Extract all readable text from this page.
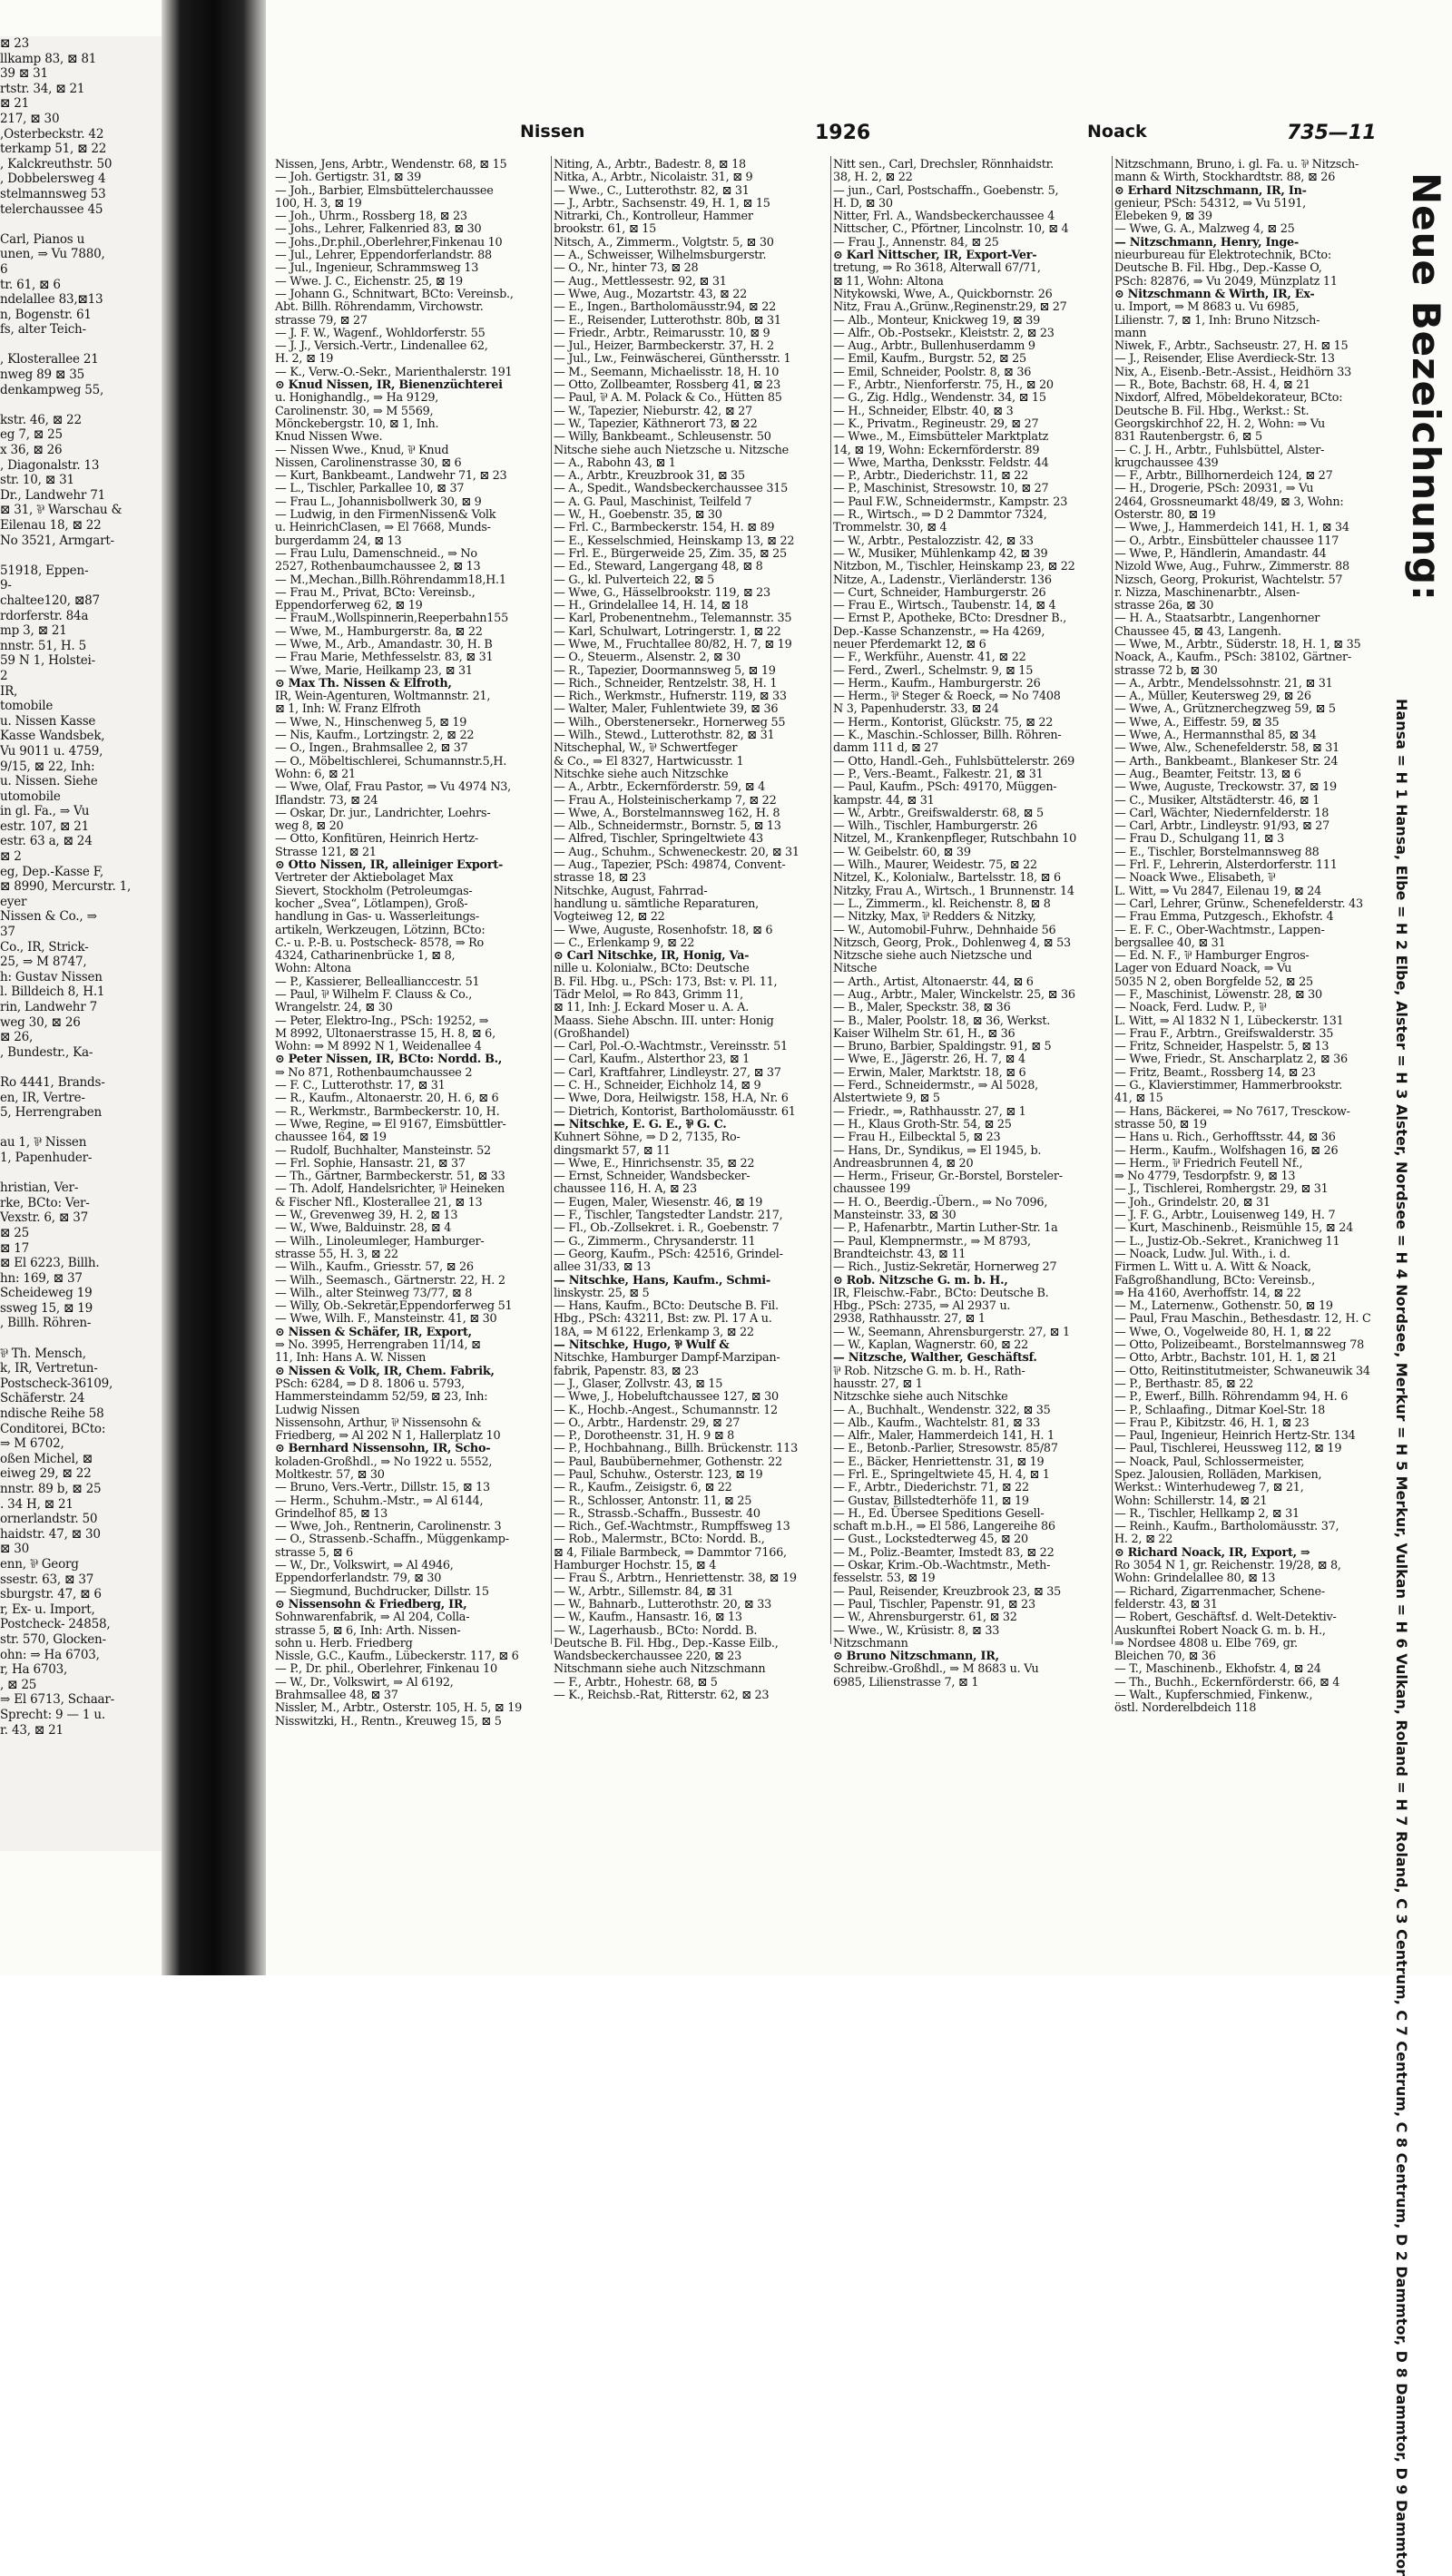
⊠ 23
llkamp 83, ⊠ 81
39 ⊠ 31
rtstr. 34, ⊠ 21
⊠ 21
217, ⊠ 30
,Osterbeckstr. 42
terkamp 51, ⊠ 22
, Kalckreuthstr. 50
, Dobbelersweg 4
stelmannsweg 53
telerchaussee 45

Carl, Pianos u
unen, ⇒ Vu 7880,
6
tr. 61, ⊠ 6
ndelallee 83,⊠13
n, Bogenstr. 61
fs, alter Teich-

, Klosterallee 21
nweg 89 ⊠ 35
denkampweg 55,

kstr. 46, ⊠ 22
eg 7, ⊠ 25
ⅹ 36, ⊠ 26
, Diagonalstr. 13
str. 10, ⊠ 31
Dr., Landwehr 71
⊠ 31, ⅌ Warschau &
Eilenau 18, ⊠ 22
No 3521, Armgart-

51918, Eppen-
9-
chaltee120, ⊠87
rdorferstr. 84a
mp 3, ⊠ 21
nnstr. 51, H. 5
59 N 1, Holstei-
2
IR,
tomobile
u. Nissen Kasse
Kasse Wandsbek,
Vu 9011 u. 4759,
9/15, ⊠ 22, Inh:
u. Nissen. Siehe
utomobile
in gl. Fa., ⇒ Vu
estr. 107, ⊠ 21
estr. 63 a, ⊠ 24
⊠ 2
eg, Dep.-Kasse F,
⊠ 8990, Mercurstr. 1,
eyer
Nissen & Co., ⇒
37
Co., IR, Strick-
25, ⇒ M 8747,
h: Gustav Nissen
l. Billdeich 8, H.1
rin, Landwehr 7
weg 30, ⊠ 26
⊠ 26,
, Bundestr., Ka-

Ro 4441, Brands-
en, IR, Vertre-
5, Herrengraben

au 1, ⅌ Nissen
1, Papenhuder-

hristian, Ver-
rke, BCto: Ver-
Vexstr. 6, ⊠ 37
⊠ 25
⊠ 17
⊠ El 6223, Billh.
hn: 169, ⊠ 37
Scheideweg 19
ssweg 15, ⊠ 19
, Billh. Röhren-

⅌ Th. Mensch,
k, IR, Vertretun-
Postscheck-36109,
Schäferstr. 24
ndische Reihe 58
Conditorei, BCto:
⇒ M 6702,
oßen Michel, ⊠
eiweg 29, ⊠ 22
nnstr. 89 b, ⊠ 25
. 34 H, ⊠ 21
ornerlandstr. 50
haidstr. 47, ⊠ 30
⊠ 30
enn, ⅌ Georg
ssestr. 63, ⊠ 37
sburgstr. 47, ⊠ 6
r, Ex- u. Import,
Postcheck- 24858,
str. 570, Glocken-
ohn: ⇒ Ha 6703,
r, Ha 6703,
, ⊠ 25
⇒ El 6713, Schaar-
Sprecht: 9 — 1 u.
r. 43, ⊠ 21
Nissen	1926	Noack	735—11
Nissen, Jens, Arbtr., Wendenstr. 68, ⊠ 15
— Joh. Gertigstr. 31, ⊠ 39
— Joh., Barbier, Elmsbüttelerchaussee
100, H. 3, ⊠ 19
— Joh., Uhrm., Rossberg 18, ⊠ 23
— Johs., Lehrer, Falkenried 83, ⊠ 30
— Johs.,Dr.phil.,Oberlehrer,Finkenau 10
— Jul., Lehrer, Eppendorferlandstr. 88
— Jul., Ingenieur, Schrammsweg 13
— Wwe. J. C., Eichenstr. 25, ⊠ 19
— Johann G., Schnitwart, BCto: Vereinsb.,
Abt. Billh. Röhrendamm, Virchowstr.
strasse 79, ⊠ 27
— J. F. W., Wagenf., Wohldorferstr. 55
— J. J., Versich.-Vertr., Lindenallee 62,
H. 2, ⊠ 19
— K., Verw.-O.-Sekr., Marienthalerstr. 191
⊙ Knud Nissen, IR, Bienenzüchterei
u. Honighandlg., ⇒ Ha 9129,
Carolinenstr. 30, ⇒ M 5569,
Mönckebergstr. 10, ⊠ 1, Inh.
Knud Nissen Wwe.
— Nissen Wwe., Knud, ⅌ Knud
Nissen, Carolinenstrasse 30, ⊠ 6
— Kurt, Bankbeamt., Landwehr 71, ⊠ 23
— L., Tischler, Parkallee 10, ⊠ 37
— Frau L., Johannisbollwerk 30, ⊠ 9
— Ludwig, in den FirmenNissen& Volk
u. HeinrichClasen, ⇒ El 7668, Munds-
burgerdamm 24, ⊠ 13
— Frau Lulu, Damenschneid., ⇒ No
2527, Rothenbaumchaussee 2, ⊠ 13
— M.,Mechan.,Billh.Röhrendamm18,H.1
— Frau M., Privat, BCto: Vereinsb.,
Eppendorferweg 62, ⊠ 19
— FrauM.,Wollspinnerin,Reeperbahn155
— Wwe, M., Hamburgerstr. 8a, ⊠ 22
— Wwe, M., Arb., Amandastr. 30, H. B
— Frau Marie, Methfesselstr. 83, ⊠ 31
— Wwe, Marie, Heilkamp 23, ⊠ 31
⊙ Max Th. Nissen & Elfroth,
IR, Wein-Agenturen, Woltmannstr. 21,
⊠ 1, Inh: W. Franz Elfroth
— Wwe, N., Hinschenweg 5, ⊠ 19
— Nis, Kaufm., Lortzingstr. 2, ⊠ 22
— O., Ingen., Brahmsallee 2, ⊠ 37
— O., Möbeltischlerei, Schumannstr.5,H.
Wohn: 6, ⊠ 21
— Wwe, Olaf, Frau Pastor, ⇒ Vu 4974 N3,
Iflandstr. 73, ⊠ 24
— Oskar, Dr. jur., Landrichter, Loehrs-
weg 8, ⊠ 20
— Otto, Konfitüren, Heinrich Hertz-
Strasse 121, ⊠ 21
⊙ Otto Nissen, IR, alleiniger Export-
Vertreter der Aktiebolaget Max
Sievert, Stockholm (Petroleumgas-
kocher „Svea“, Lötlampen), Groß-
handlung in Gas- u. Wasserleitungs-
artikeln, Werkzeugen, Lötzinn, BCto:
C.- u. P.-B. u. Postscheck- 8578, ⇒ Ro
4324, Catharinenbrücke 1, ⊠ 8,
Wohn: Altona
— P., Kassierer, Belleallianccestr. 51
— Paul, ⅌ Wilhelm F. Clauss & Co.,
Wrangelstr. 24, ⊠ 30
— Peter, Elektro-Ing., PSch: 19252, ⇒
M 8992, Ultonaerstrasse 15, H. 8, ⊠ 6,
Wohn: ⇒ M 8992 N 1, Weidenallee 4
⊙ Peter Nissen, IR, BCto: Nordd. B.,
⇒ No 871, Rothenbaumchaussee 2
— F. C., Lutterothstr. 17, ⊠ 31
— R., Kaufm., Altonaerstr. 20, H. 6, ⊠ 6
— R., Werkmstr., Barmbeckerstr. 10, H.
— Wwe, Regine, ⇒ El 9167, Eimsbüttler-
chaussee 164, ⊠ 19
— Rudolf, Buchhalter, Mansteinstr. 52
— Frl. Sophie, Hansastr. 21, ⊠ 37
— Th., Gärtner, Barmbeckerstr. 51, ⊠ 33
— Th. Adolf, Handelsrichter, ⅌ Heineken
& Fischer Nfl., Klosterallee 21, ⊠ 13
— W., Grevenweg 39, H. 2, ⊠ 13
— W., Wwe, Balduinstr. 28, ⊠ 4
— Wilh., Linoleumleger, Hamburger-
strasse 55, H. 3, ⊠ 22
— Wilh., Kaufm., Griesstr. 57, ⊠ 26
— Wilh., Seemasch., Gärtnerstr. 22, H. 2
— Wilh., alter Steinweg 73/77, ⊠ 8
— Willy, Ob.-Sekretär,Eppendorferweg 51
— Wwe, Wilh. F., Mansteinstr. 41, ⊠ 30
⊙ Nissen & Schäfer, IR, Export,
⇒ No. 3995, Herrengraben 11/14, ⊠
11, Inh: Hans A. W. Nissen
⊙ Nissen & Volk, IR, Chem. Fabrik,
PSch: 6284, ⇒ D 8. 1806 u. 5793,
Hammersteindamm 52/59, ⊠ 23, Inh:
Ludwig Nissen
Nissensohn, Arthur, ⅌ Nissensohn &
Friedberg, ⇒ Al 202 N 1, Hallerplatz 10
⊙ Bernhard Nissensohn, IR, Scho-
koladen-Großhdl., ⇒ No 1922 u. 5552,
Moltkestr. 57, ⊠ 30
— Bruno, Vers.-Vertr., Dillstr. 15, ⊠ 13
— Herm., Schuhm.-Mstr., ⇒ Al 6144,
Grindelhof 85, ⊠ 13
— Wwe, Joh., Rentnerin, Carolinenstr. 3
— O., Strassenb.-Schaffn., Müggenkamp-
strasse 5, ⊠ 6
— W., Dr., Volkswirt, ⇒ Al 4946,
Eppendorferlandstr. 79, ⊠ 30
— Siegmund, Buchdrucker, Dillstr. 15
⊙ Nissensohn & Friedberg, IR,
Sohnwarenfabrik, ⇒ Al 204, Colla-
strasse 5, ⊠ 6, Inh: Arth. Nissen-
sohn u. Herb. Friedberg
Nissle, G.C., Kaufm., Lübeckerstr. 117, ⊠ 6
— P., Dr. phil., Oberlehrer, Finkenau 10
— W., Dr., Volkswirt, ⇒ Al 6192,
Brahmsallee 48, ⊠ 37
Nissler, M., Arbtr., Osterstr. 105, H. 5, ⊠ 19
Nisswitzki, H., Rentn., Kreuweg 15, ⊠ 5
Niting, A., Arbtr., Badestr. 8, ⊠ 18
Nitka, A., Arbtr., Nicolaistr. 31, ⊠ 9
— Wwe., C., Lutterothstr. 82, ⊠ 31
— J., Arbtr., Sachsenstr. 49, H. 1, ⊠ 15
Nitrarki, Ch., Kontrolleur, Hammer
brookstr. 61, ⊠ 15
Nitsch, A., Zimmerm., Volgtstr. 5, ⊠ 30
— A., Schweisser, Wilhelmsburgerstr.
— O., Nr., hinter 73, ⊠ 28
— Aug., Mettlessestr. 92, ⊠ 31
— Wwe, Aug., Mozartstr. 43, ⊠ 22
— E., Ingen., Bartholomäusstr.94, ⊠ 22
— E., Reisender, Lutterothstr. 80b, ⊠ 31
— Friedr., Arbtr., Reimarusstr. 10, ⊠ 9
— Jul., Heizer, Barmbeckerstr. 37, H. 2
— Jul., Lw., Feinwäscherei, Günthersstr. 1
— M., Seemann, Michaelisstr. 18, H. 10
— Otto, Zollbeamter, Rossberg 41, ⊠ 23
— Paul, ⅌ A. M. Polack & Co., Hütten 85
— W., Tapezier, Nieburstr. 42, ⊠ 27
— W., Tapezier, Käthnerort 73, ⊠ 22
— Willy, Bankbeamt., Schleusenstr. 50
Nitsche siehe auch Nietzsche u. Nitzsche
— A., Rabohn 43, ⊠ 1
— A., Arbtr., Kreuzbrook 31, ⊠ 35
— A., Spedit., Wandsbeckerchaussee 315
— A. G. Paul, Maschinist, Teilfeld 7
— W., H., Goebenstr. 35, ⊠ 30
— Frl. C., Barmbeckerstr. 154, H. ⊠ 89
— E., Kesselschmied, Heinskamp 13, ⊠ 22
— Frl. E., Bürgerweide 25, Zim. 35, ⊠ 25
— Ed., Steward, Langergang 48, ⊠ 8
— G., kl. Pulverteich 22, ⊠ 5
— Wwe, G., Hässelbrookstr. 119, ⊠ 23
— H., Grindelallee 14, H. 14, ⊠ 18
— Karl, Probenentnehm., Telemannstr. 35
— Karl, Schulwart, Lotringerstr. 1, ⊠ 22
— Wwe, M., Fruchtallee 80/82, H. 7, ⊠ 19
— O., Steuerm., Alsenstr. 2, ⊠ 30
— R., Tapezier, Doormannsweg 5, ⊠ 19
— Rich., Schneider, Rentzelstr. 38, H. 1
— Rich., Werkmstr., Hufnerstr. 119, ⊠ 33
— Walter, Maler, Fuhlentwiete 39, ⊠ 36
— Wilh., Oberstenersekr., Hornerweg 55
— Wilh., Stewd., Lutterothstr. 82, ⊠ 31
Nitschephal, W., ⅌ Schwertfeger
& Co., ⇒ El 8327, Hartwicusstr. 1
Nitschke siehe auch Nitzschke
— A., Arbtr., Eckernförderstr. 59, ⊠ 4
— Frau A., Holsteinischerkamp 7, ⊠ 22
— Wwe, A., Borstelmannsweg 162, H. 8
— Alb., Schneidermstr., Bornstr. 5, ⊠ 13
— Alfred, Tischler, Springeltwiete 43
— Aug., Schuhm., Schweneckestr. 20, ⊠ 31
— Aug., Tapezier, PSch: 49874, Convent-
strasse 18, ⊠ 23
Nitschke, August, Fahrrad-
handlung u. sämtliche Reparaturen,
Vogteiweg 12, ⊠ 22
— Wwe, Auguste, Rosenhofstr. 18, ⊠ 6
— C., Erlenkamp 9, ⊠ 22
⊙ Carl Nitschke, IR, Honig, Va-
nille u. Kolonialw., BCto: Deutsche
B. Fil. Hbg. u., PSch: 173, Bst: v. Pl. 11,
Tädr Melol, ⇒ Ro 843, Grimm 11,
⊠ 11, Inh: J. Eckard Moser u. A. A.
Maass. Siehe Abschn. III. unter: Honig
(Großhandel)
— Carl, Pol.-O.-Wachtmstr., Vereinsstr. 51
— Carl, Kaufm., Alsterthor 23, ⊠ 1
— Carl, Kraftfahrer, Lindleystr. 27, ⊠ 37
— C. H., Schneider, Eichholz 14, ⊠ 9
— Wwe, Dora, Heilwigstr. 158, H.A, Nr. 6
— Dietrich, Kontorist, Bartholomäusstr. 61
— Nitschke, E. G. E., ⅌ G. C.
Kuhnert Söhne, ⇒ D 2, 7135, Ro-
dingsmarkt 57, ⊠ 11
— Wwe, E., Hinrichsenstr. 35, ⊠ 22
— Ernst, Schneider, Wandsbecker-
chaussee 116, H. A, ⊠ 23
— Eugen, Maler, Wiesenstr. 46, ⊠ 19
— F., Tischler, Tangstedter Landstr. 217,
— Fl., Ob.-Zollsekret. i. R., Goebenstr. 7
— G., Zimmerm., Chrysanderstr. 11
— Georg, Kaufm., PSch: 42516, Grindel-
allee 31/33, ⊠ 13
— Nitschke, Hans, Kaufm., Schmi-
linskystr. 25, ⊠ 5
— Hans, Kaufm., BCto: Deutsche B. Fil.
Hbg., PSch: 43211, Bst: zw. Pl. 17 A u.
18A, ⇒ M 6122, Erlenkamp 3, ⊠ 22
— Nitschke, Hugo, ⅌ Wulf &
Nitschke, Hamburger Dampf-Marzipan-
fabrik, Papenstr. 83, ⊠ 23
— J., Glaser, Zollvstr. 43, ⊠ 15
— Wwe, J., Hobeluftchaussee 127, ⊠ 30
— K., Hochb.-Angest., Schumannstr. 12
— O., Arbtr., Hardenstr. 29, ⊠ 27
— P., Dorotheenstr. 31, H. 9 ⊠ 8
— P., Hochbahnang., Billh. Brückenstr. 113
— Paul, Baubübernehmer, Gothenstr. 22
— Paul, Schuhw., Osterstr. 123, ⊠ 19
— R., Kaufm., Zeisigstr. 6, ⊠ 22
— R., Schlosser, Antonstr. 11, ⊠ 25
— R., Strassb.-Schaffn., Bussestr. 40
— Rich., Gef.-Wachtmstr., Rumpffsweg 13
— Rob., Malermstr., BCto: Nordd. B.,
⊠ 4, Filiale Barmbeck, ⇒ Dammtor 7166,
Hamburger Hochstr. 15, ⊠ 4
— Frau S., Arbtrn., Henriettenstr. 38, ⊠ 19
— W., Arbtr., Sillemstr. 84, ⊠ 31
— W., Bahnarb., Lutterothstr. 20, ⊠ 33
— W., Kaufm., Hansastr. 16, ⊠ 13
— W., Lagerhausb., BCto: Nordd. B.
Deutsche B. Fil. Hbg., Dep.-Kasse Eilb.,
Wandsbeckerchaussee 220, ⊠ 23
Nitschmann siehe auch Nitzschmann
— F., Arbtr., Hohestr. 68, ⊠ 5
— K., Reichsb.-Rat, Ritterstr. 62, ⊠ 23
Nitt sen., Carl, Drechsler, Rönnhaidstr.
38, H. 2, ⊠ 22
— jun., Carl, Postschaffn., Goebenstr. 5,
H. D, ⊠ 30
Nitter, Frl. A., Wandsbeckerchaussee 4
Nittscher, C., Pförtner, Lincolnstr. 10, ⊠ 4
— Frau J., Annenstr. 84, ⊠ 25
⊙ Karl Nittscher, IR, Export-Ver-
tretung, ⇒ Ro 3618, Alterwall 67/71,
⊠ 11, Wohn: Altona
Nitykowski, Wwe, A., Quickbornstr. 26
Nitz, Frau A.,Grünw.,Reginenstr.29, ⊠ 27
— Alb., Monteur, Knickweg 19, ⊠ 39
— Alfr., Ob.-Postsekr., Kleiststr. 2, ⊠ 23
— Aug., Arbtr., Bullenhuserdamm 9
— Emil, Kaufm., Burgstr. 52, ⊠ 25
— Emil, Schneider, Poolstr. 8, ⊠ 36
— F., Arbtr., Nienforferstr. 75, H., ⊠ 20
— G., Zig. Hdlg., Wendenstr. 34, ⊠ 15
— H., Schneider, Elbstr. 40, ⊠ 3
— K., Privatm., Regineustr. 29, ⊠ 27
— Wwe., M., Eimsbütteler Marktplatz
14, ⊠ 19, Wohn: Eckernförderstr. 89
— Wwe, Martha, Denksstr. Feldstr. 44
— P., Arbtr., Diederichstr. 11, ⊠ 22
— P., Maschinist, Stresowstr. 10, ⊠ 27
— Paul F.W., Schneidermstr., Kampstr. 23
— R., Wirtsch., ⇒ D 2 Dammtor 7324,
Trommelstr. 30, ⊠ 4
— W., Arbtr., Pestalozzistr. 42, ⊠ 33
— W., Musiker, Mühlenkamp 42, ⊠ 39
Nitzbon, M., Tischler, Heinskamp 23, ⊠ 22
Nitze, A., Ladenstr., Vierländerstr. 136
— Curt, Schneider, Hamburgerstr. 26
— Frau E., Wirtsch., Taubenstr. 14, ⊠ 4
— Ernst P., Apotheke, BCto: Dresdner B.,
Dep.-Kasse Schanzenstr., ⇒ Ha 4269,
neuer Pferdemarkt 12, ⊠ 6
— F., Werkführ., Auenstr. 41, ⊠ 22
— Ferd., Zwerl., Schelmstr. 9, ⊠ 15
— Herm., Kaufm., Hamburgerstr. 26
— Herm., ⅌ Steger & Roeck, ⇒ No 7408
N 3, Papenhuderstr. 33, ⊠ 24
— Herm., Kontorist, Glückstr. 75, ⊠ 22
— K., Maschin.-Schlosser, Billh. Röhren-
damm 111 d, ⊠ 27
— Otto, Handl.-Geh., Fuhlsbüttelerstr. 269
— P., Vers.-Beamt., Falkestr. 21, ⊠ 31
— Paul, Kaufm., PSch: 49170, Müggen-
kampstr. 44, ⊠ 31
— W., Arbtr., Greifswalderstr. 68, ⊠ 5
— Wilh., Tischler, Hamburgerstr. 26
Nitzel, M., Krankenpfleger, Rutschbahn 10
— W. Geibelstr. 60, ⊠ 39
— Wilh., Maurer, Weidestr. 75, ⊠ 22
Nitzel, K., Kolonialw., Bartelsstr. 18, ⊠ 6
Nitzky, Frau A., Wirtsch., 1 Brunnenstr. 14
— L., Zimmerm., kl. Reichenstr. 8, ⊠ 8
— Nitzky, Max, ⅌ Redders & Nitzky,
— W., Automobil-Fuhrw., Dehnhaide 56
Nitzsch, Georg, Prok., Dohlenweg 4, ⊠ 53
Nitzsche siehe auch Nietzsche und
Nitsche
— Arth., Artist, Altonaerstr. 44, ⊠ 6
— Aug., Arbtr., Maler, Winckelstr. 25, ⊠ 36
— B., Maler, Speckstr. 38, ⊠ 36
— B., Maler, Poolstr. 18, ⊠ 36, Werkst.
Kaiser Wilhelm Str. 61, H., ⊠ 36
— Bruno, Barbier, Spaldingstr. 91, ⊠ 5
— Wwe, E., Jägerstr. 26, H. 7, ⊠ 4
— Erwin, Maler, Marktstr. 18, ⊠ 6
— Ferd., Schneidermstr., ⇒ Al 5028,
Alstertwiete 9, ⊠ 5
— Friedr., ⇒, Rathhausstr. 27, ⊠ 1
— H., Klaus Groth-Str. 54, ⊠ 25
— Frau H., Eilbecktal 5, ⊠ 23
— Hans, Dr., Syndikus, ⇒ El 1945, b.
Andreasbrunnen 4, ⊠ 20
— Herm., Friseur, Gr.-Borstel, Borsteler-
chaussee 199
— H. O., Beerdig.-Übern., ⇒ No 7096,
Mansteinstr. 33, ⊠ 30
— P., Hafenarbtr., Martin Luther-Str. 1a
— Paul, Klempnermstr., ⇒ M 8793,
Brandteichstr. 43, ⊠ 11
— Rich., Justiz-Sekretär, Hornerweg 27
⊙ Rob. Nitzsche G. m. b. H.,
IR, Fleischw.-Fabr., BCto: Deutsche B.
Hbg., PSch: 2735, ⇒ Al 2937 u.
2938, Rathhausstr. 27, ⊠ 1
— W., Seemann, Ahrensburgerstr. 27, ⊠ 1
— W., Kaplan, Wagnerstr. 60, ⊠ 22
— Nitzsche, Walther, Geschäftsf.
⅌ Rob. Nitzsche G. m. b. H., Rath-
hausstr. 27, ⊠ 1
Nitzschke siehe auch Nitschke
— A., Buchhalt., Wendenstr. 322, ⊠ 35
— Alb., Kaufm., Wachtelstr. 81, ⊠ 33
— Alfr., Maler, Hammerdeich 141, H. 1
— E., Betonb.-Parlier, Stresowstr. 85/87
— E., Bäcker, Henriettenstr. 31, ⊠ 19
— Frl. E., Springeltwiete 45, H. 4, ⊠ 1
— F., Arbtr., Diederichstr. 71, ⊠ 22
— Gustav, Billstedterhöfe 11, ⊠ 19
— H., Ed. Übersee Speditions Gesell-
schaft m.b.H., ⇒ El 586, Langereihe 86
— Gust., Lockstedterweg 45, ⊠ 20
— M., Poliz.-Beamter, Imstedt 83, ⊠ 22
— Oskar, Krim.-Ob.-Wachtmstr., Meth-
fesselstr. 53, ⊠ 19
— Paul, Reisender, Kreuzbrook 23, ⊠ 35
— Paul, Tischler, Papenstr. 91, ⊠ 23
— W., Ahrensburgerstr. 61, ⊠ 32
— Wwe., W., Krüsistr. 8, ⊠ 33
Nitzschmann
⊙ Bruno Nitzschmann, IR,
Schreibw.-Großhdl., ⇒ M 8683 u. Vu
6985, Lilienstrasse 7, ⊠ 1
Nitzschmann, Bruno, i. gl. Fa. u. ⅌ Nitzsch-
mann & Wirth, Stockhardtstr. 88, ⊠ 26
⊙ Erhard Nitzschmann, IR, In-
genieur, PSch: 54312, ⇒ Vu 5191,
Elebeken 9, ⊠ 39
— Wwe, G. A., Malzweg 4, ⊠ 25
— Nitzschmann, Henry, Inge-
nieurbureau für Elektrotechnik, BCto:
Deutsche B. Fil. Hbg., Dep.-Kasse O,
PSch: 82876, ⇒ Vu 2049, Münzplatz 11
⊙ Nitzschmann & Wirth, IR, Ex-
u. Import, ⇒ M 8683 u. Vu 6985,
Lilienstr. 7, ⊠ 1, Inh: Bruno Nitzsch-
mann
Niwek, F., Arbtr., Sachseustr. 27, H. ⊠ 15
— J., Reisender, Elise Averdieck-Str. 13
Nix, A., Eisenb.-Betr.-Assist., Heidhörn 33
— R., Bote, Bachstr. 68, H. 4, ⊠ 21
Nixdorf, Alfred, Möbeldekorateur, BCto:
Deutsche B. Fil. Hbg., Werkst.: St.
Georgskirchhof 22, H. 2, Wohn: ⇒ Vu
831 Rautenbergstr. 6, ⊠ 5
— C. J. H., Arbtr., Fuhlsbüttel, Alster-
krugchaussee 439
— F., Arbtr., Billhornerdeich 124, ⊠ 27
— H., Drogerie, PSch: 20931, ⇒ Vu
2464, Grossneumarkt 48/49, ⊠ 3, Wohn:
Osterstr. 80, ⊠ 19
— Wwe, J., Hammerdeich 141, H. 1, ⊠ 34
— O., Arbtr., Einsbütteler chaussee 117
— Wwe, P., Händlerin, Amandastr. 44
Nizold Wwe, Aug., Fuhrw., Zimmerstr. 88
Nizsch, Georg, Prokurist, Wachtelstr. 57
r. Nizza, Maschinenarbtr., Alsen-
strasse 26a, ⊠ 30
— H. A., Staatsarbtr., Langenhorner
Chaussee 45, ⊠ 43, Langenh.
— Wwe, M., Arbtr., Süderstr. 18, H. 1, ⊠ 35
Noack, A., Kaufm., PSch: 38102, Gärtner-
strasse 72 b, ⊠ 30
— A., Arbtr., Mendelssohnstr. 21, ⊠ 31
— A., Müller, Keutersweg 29, ⊠ 26
— Wwe, A., Grütznerchegzweg 59, ⊠ 5
— Wwe, A., Eiffestr. 59, ⊠ 35
— Wwe, A., Hermannsthal 85, ⊠ 34
— Wwe, Alw., Schenefelderstr. 58, ⊠ 31
— Arth., Bankbeamt., Blankeser Str. 24
— Aug., Beamter, Feitstr. 13, ⊠ 6
— Wwe, Auguste, Treckowstr. 37, ⊠ 19
— C., Musiker, Altstädterstr. 46, ⊠ 1
— Carl, Wächter, Niedernfelderstr. 18
— Carl, Arbtr., Lindleystr. 91/93, ⊠ 27
— Frau D., Schulgang 11, ⊠ 3
— E., Tischler, Borstelmannsweg 88
— Frl. F., Lehrerin, Alsterdorferstr. 111
— Noack Wwe., Elisabeth, ⅌
L. Witt, ⇒ Vu 2847, Eilenau 19, ⊠ 24
— Carl, Lehrer, Grünw., Schenefelderstr. 43
— Frau Emma, Putzgesch., Ekhofstr. 4
— E. F. C., Ober-Wachtmstr., Lappen-
bergsallee 40, ⊠ 31
— Ed. N. F., ⅌ Hamburger Engros-
Lager von Eduard Noack, ⇒ Vu
5035 N 2, oben Borgfelde 52, ⊠ 25
— F., Maschinist, Löwenstr. 28, ⊠ 30
— Noack, Ferd. Ludw. P., ⅌
L. Witt, ⇒ Al 1832 N 1, Lübeckerstr. 131
— Frau F., Arbtrn., Greifswalderstr. 35
— Fritz, Schneider, Haspelstr. 5, ⊠ 13
— Wwe, Friedr., St. Anscharplatz 2, ⊠ 36
— Fritz, Beamt., Rossberg 14, ⊠ 23
— G., Klavierstimmer, Hammerbrookstr.
41, ⊠ 15
— Hans, Bäckerei, ⇒ No 7617, Tresckow-
strasse 50, ⊠ 19
— Hans u. Rich., Gerhofftsstr. 44, ⊠ 36
— Herm., Kaufm., Wolfshagen 16, ⊠ 26
— Herm., ⅌ Friedrich Feutell Nf.,
⇒ No 4779, Tesdorpfstr. 9, ⊠ 13
— J., Tischlerei, Romhergstr. 29, ⊠ 31
— Joh., Grindelstr. 20, ⊠ 31
— J. F. G., Arbtr., Louisenweg 149, H. 7
— Kurt, Maschinenb., Reismühle 15, ⊠ 24
— L., Justiz-Ob.-Sekret., Kranichweg 11
— Noack, Ludw. Jul. With., i. d.
Firmen L. Witt u. A. Witt & Noack,
Faßgroßhandlung, BCto: Vereinsb.,
⇒ Ha 4160, Averhoffstr. 14, ⊠ 22
— M., Laternenw., Gothenstr. 50, ⊠ 19
— Paul, Frau Maschin., Bethesdastr. 12, H. C
— Wwe, O., Vogelweide 80, H. 1, ⊠ 22
— Otto, Polizeibeamt., Borstelmannsweg 78
— Otto, Arbtr., Bachstr. 101, H. 1, ⊠ 21
— Otto, Reitinstitutmeister, Schwaneuwik 34
— P., Berthastr. 85, ⊠ 22
— P., Ewerf., Billh. Röhrendamm 94, H. 6
— P., Schlaafing., Ditmar Koel-Str. 18
— Frau P., Kibitzstr. 46, H. 1, ⊠ 23
— Paul, Ingenieur, Heinrich Hertz-Str. 134
— Paul, Tischlerei, Heussweg 112, ⊠ 19
— Noack, Paul, Schlossermeister,
Spez. Jalousien, Rolläden, Markisen,
Werkst.: Winterhudeweg 7, ⊠ 21,
Wohn: Schillerstr. 14, ⊠ 21
— R., Tischler, Hellkamp 2, ⊠ 31
— Reinh., Kaufm., Bartholomäusstr. 37,
H. 2, ⊠ 22
⊙ Richard Noack, IR, Export, ⇒
Ro 3054 N 1, gr. Reichenstr. 19/28, ⊠ 8,
Wohn: Grindelallee 80, ⊠ 13
— Richard, Zigarrenmacher, Schene-
felderstr. 43, ⊠ 31
— Robert, Geschäftsf. d. Welt-Detektiv-
Auskunftei Robert Noack G. m. b. H.,
⇒ Nordsee 4808 u. Elbe 769, gr.
Bleichen 70, ⊠ 36
— T., Maschinenb., Ekhofstr. 4, ⊠ 24
— Th., Buchh., Eckernförderstr. 66, ⊠ 4
— Walt., Kupferschmied, Finkenw.,
östl. Norderelbdeich 118
Neue Bezeichnung:
Hansa = H 1 Hansa, Elbe = H 2 Elbe, Alster = H 3 Alster, Nordsee = H 4 Nordsee, Merkur = H 5 Merkur, Vulkan = H 6 Vulkan, Roland = H 7 Roland, C 3 Centrum, C 7 Centrum, C 8 Centrum, D 2 Dammtor, D 8 Dammtor, D 9 Dammtor
